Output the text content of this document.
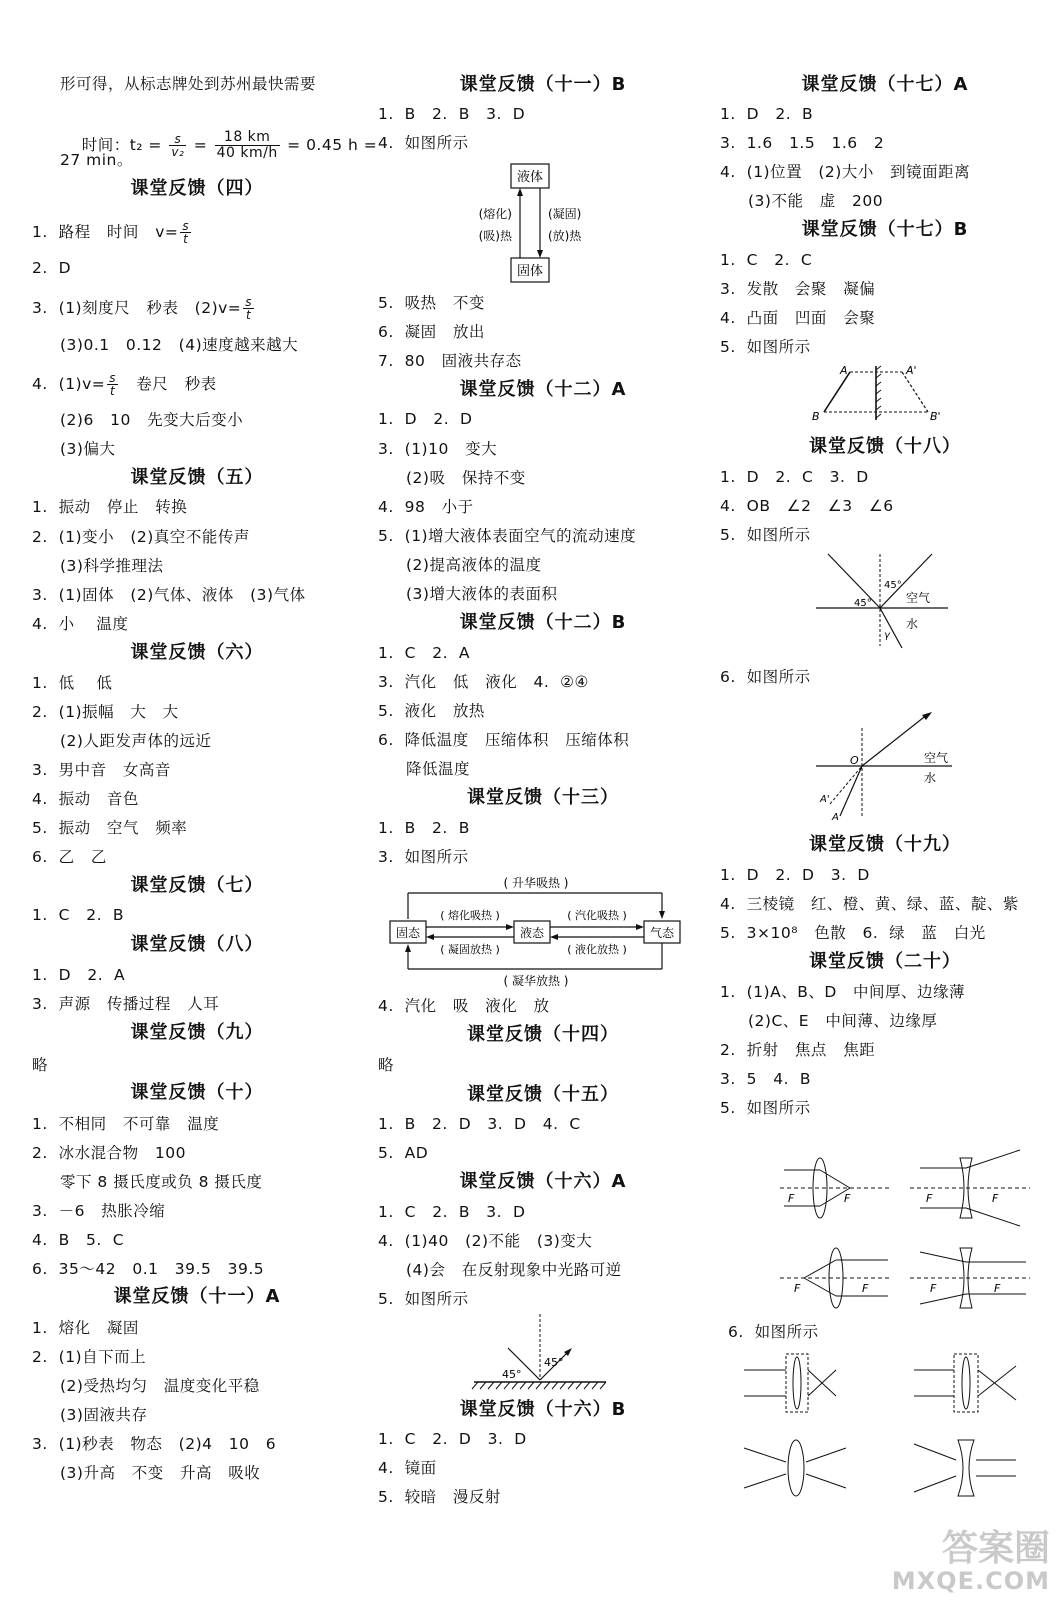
形可得，从标志牌处到苏州最快需要

时间：$t_2 = \frac{s}{\text{v₂}} = \frac{18 km}{40 km/h} = 0.45$ h =

27 min。
课堂反馈（四）
1.  路程   时间   $v= \frac{s}{t}$
2.  D
3.  (1)刻度尺   秒表   $(2)v= \frac{s}{t}$
(3)0.1   0.12   (4)速度越来越大
4.  $(1)v= \frac{s}{t}$ 卷尺   秒表
(2)6   10   先变大后变小
(3)偏大
课堂反馈（五）
1.  振动   停止   转换
2.  (1)变小   (2)真空不能传声
(3)科学推理法
3.  (1)固体   (2)气体、液体   (3)气体
4.  小    温度
课堂反馈（六）
1.  低    低
2.  (1)振幅   大   大
(2)人距发声体的远近
3.  男中音   女高音
4.  振动   音色
5.  振动   空气   频率
6.  乙   乙
课堂反馈（七）
1.  C   2.  B
课堂反馈（八）
1.  D   2.  A
3.  声源   传播过程   人耳
课堂反馈（九）
略
课堂反馈（十）
1.  不相同   不可靠   温度
2.  冰水混合物   100
零下 8 摄氏度或负 8 摄氏度
3.  －6   热胀冷缩
4.  B   5.  C
6.  35～42   0.1   39.5   39.5
课堂反馈（十一）A
1.  熔化   凝固
2.  (1)自下而上
(2)受热均匀   温度变化平稳
(3)固液共存
3.  (1)秒表   物态   (2)4   10   6
(3)升高   不变   升高   吸收
课堂反馈（十一）B
1.  B   2.  B   3.  D
4.  如图所示
液体
固体
(熔化)
(吸)热
(凝固)
(放)热
5.  吸热   不变
6.  凝固   放出
7.  80   固液共存态
课堂反馈（十二）A
1.  D   2.  D
3.  (1)10   变大
(2)吸   保持不变
4.  98   小于
5.  (1)增大液体表面空气的流动速度
(2)提高液体的温度
(3)增大液体的表面积
课堂反馈（十二）B
1.  C   2.  A
3.  汽化   低   液化   4.  ②④
5.  液化   放热
6.  降低温度   压缩体积   压缩体积
降低温度
课堂反馈（十三）
1.  B   2.  B
3.  如图所示
( 升华吸热 )
固态	液态	气态
( 熔化吸热 )
( 凝固放热 )
( 汽化吸热 )
( 液化放热 )
( 凝华放热 )
4.  汽化   吸   液化   放
课堂反馈（十四）
略
课堂反馈（十五）
1.  B   2.  D   3.  D   4.  C
5.  AD
课堂反馈（十六）A
1.  C   2.  B   3.  D
4.  (1)40   (2)不能   (3)变大
(4)会   在反射现象中光路可逆
5.  如图所示
45°
45°
课堂反馈（十六）B
1.  C   2.  D   3.  D
4.  镜面
5.  较暗   漫反射
课堂反馈（十七）A
1.  D   2.  B
3.  1.6   1.5   1.6   2
4.  (1)位置   (2)大小   到镜面距离
(3)不能   虚   200
课堂反馈（十七）B
1.  C   2.  C
3.  发散   会聚   凝偏
4.  凸面   凹面   会聚
5.  如图所示
A	A'
B	B'
课堂反馈（十八）
1.  D   2.  C   3.  D
4.  OB   ∠2   ∠3   ∠6
5.  如图所示
45°
45°
空气
水
γ
6.  如图所示
O	空气
水
A'
A
课堂反馈（十九）
1.  D   2.  D   3.  D
4.  三棱镜   红、橙、黄、绿、蓝、靛、紫
5.  3×10⁸   色散   6.  绿   蓝   白光
课堂反馈（二十）
1.  (1)A、B、D   中间厚、边缘薄
(2)C、E   中间薄、边缘厚
2.  折射   焦点   焦距
3.  5   4.  B
5.  如图所示
F	F	F	F
F	F	F	F
6.  如图所示
答案圈
MXQE.COM
